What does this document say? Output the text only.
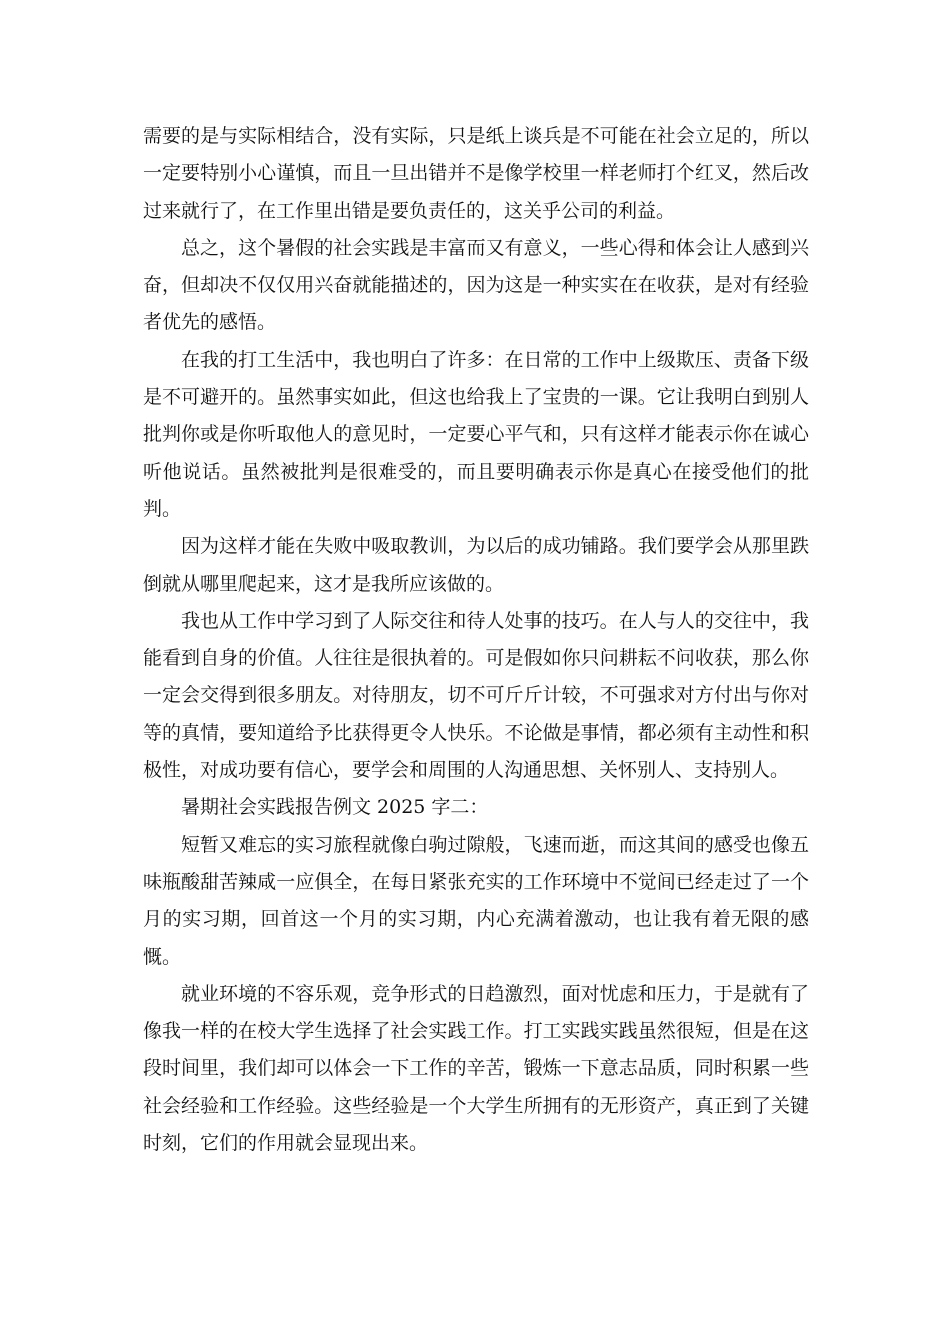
需要的是与实际相结合，没有实际，只是纸上谈兵是不可能在社会立足的，所以一定要特别小心谨慎，而且一旦出错并不是像学校里一样老师打个红叉，然后改过来就行了，在工作里出错是要负责任的，这关乎公司的利益。

总之，这个暑假的社会实践是丰富而又有意义，一些心得和体会让人感到兴奋，但却决不仅仅用兴奋就能描述的，因为这是一种实实在在收获，是对有经验者优先的感悟。

在我的打工生活中，我也明白了许多：在日常的工作中上级欺压、责备下级是不可避开的。虽然事实如此，但这也给我上了宝贵的一课。它让我明白到别人批判你或是你听取他人的意见时，一定要心平气和，只有这样才能表示你在诚心听他说话。虽然被批判是很难受的，而且要明确表示你是真心在接受他们的批判。

因为这样才能在失败中吸取教训，为以后的成功铺路。我们要学会从那里跌倒就从哪里爬起来，这才是我所应该做的。

我也从工作中学习到了人际交往和待人处事的技巧。在人与人的交往中，我能看到自身的价值。人往往是很执着的。可是假如你只问耕耘不问收获，那么你一定会交得到很多朋友。对待朋友，切不可斤斤计较，不可强求对方付出与你对等的真情，要知道给予比获得更令人快乐。不论做是事情，都必须有主动性和积极性，对成功要有信心，要学会和周围的人沟通思想、关怀别人、支持别人。

暑期社会实践报告例文 2025 字二：

短暂又难忘的实习旅程就像白驹过隙般，飞速而逝，而这其间的感受也像五味瓶酸甜苦辣咸一应俱全，在每日紧张充实的工作环境中不觉间已经走过了一个月的实习期，回首这一个月的实习期，内心充满着激动，也让我有着无限的感慨。

就业环境的不容乐观，竞争形式的日趋激烈，面对忧虑和压力，于是就有了像我一样的在校大学生选择了社会实践工作。打工实践实践虽然很短，但是在这段时间里，我们却可以体会一下工作的辛苦，锻炼一下意志品质，同时积累一些社会经验和工作经验。这些经验是一个大学生所拥有的无形资产，真正到了关键时刻，它们的作用就会显现出来。
